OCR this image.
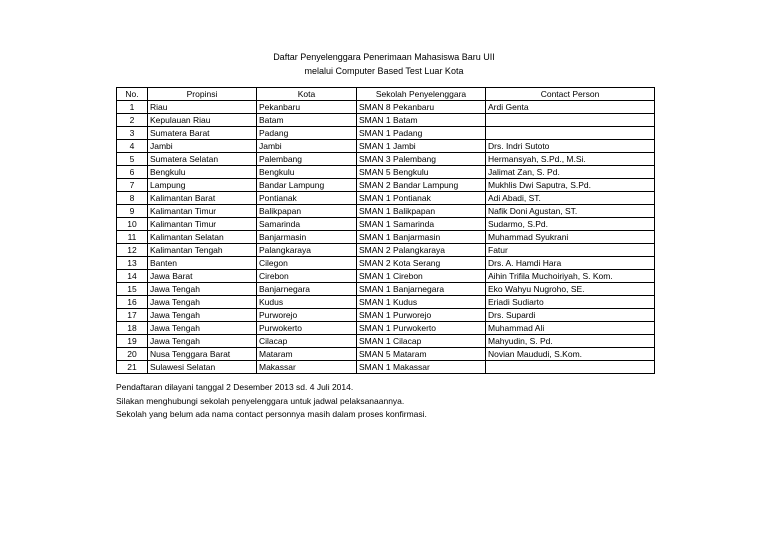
Daftar Penyelenggara Penerimaan Mahasiswa Baru UII
melalui Computer Based Test Luar Kota
No.	Propinsi	Kota	Sekolah Penyelenggara	Contact Person
1	Riau	Pekanbaru	SMAN 8 Pekanbaru	Ardi Genta
2	Kepulauan Riau	Batam	SMAN 1 Batam	
3	Sumatera Barat	Padang	SMAN 1 Padang	
4	Jambi	Jambi	SMAN 1 Jambi	Drs. Indri Sutoto
5	Sumatera Selatan	Palembang	SMAN 3 Palembang	Hermansyah, S.Pd., M.Si.
6	Bengkulu	Bengkulu	SMAN 5 Bengkulu	Jalimat Zan, S. Pd.
7	Lampung	Bandar Lampung	SMAN 2 Bandar Lampung	Mukhlis Dwi Saputra, S.Pd.
8	Kalimantan Barat	Pontianak	SMAN 1 Pontianak	Adi Abadi, ST.
9	Kalimantan Timur	Balikpapan	SMAN 1 Balikpapan	Nafik Doni Agustan, ST.
10	Kalimantan Timur	Samarinda	SMAN 1 Samarinda	Sudarmo, S.Pd.
11	Kalimantan Selatan	Banjarmasin	SMAN 1 Banjarmasin	Muhammad Syukrani
12	Kalimantan Tengah	Palangkaraya	SMAN 2 Palangkaraya	Fatur
13	Banten	Cilegon	SMAN 2 Kota Serang	Drs. A. Hamdi Hara
14	Jawa Barat	Cirebon	SMAN 1 Cirebon	Aihin Trifila Muchoiriyah, S. Kom.
15	Jawa Tengah	Banjarnegara	SMAN 1 Banjarnegara	Eko Wahyu Nugroho, SE.
16	Jawa Tengah	Kudus	SMAN 1 Kudus	Eriadi Sudiarto
17	Jawa Tengah	Purworejo	SMAN 1 Purworejo	Drs. Supardi
18	Jawa Tengah	Purwokerto	SMAN 1 Purwokerto	Muhammad Ali
19	Jawa Tengah	Cilacap	SMAN 1 Cilacap	Mahyudin, S. Pd.
20	Nusa Tenggara Barat	Mataram	SMAN 5 Mataram	Novian Maududi, S.Kom.
21	Sulawesi Selatan	Makassar	SMAN 1 Makassar	
Pendaftaran dilayani tanggal 2 Desember 2013 sd. 4 Juli 2014.
Silakan menghubungi sekolah penyelenggara untuk jadwal pelaksanaannya.
Sekolah yang belum ada nama contact personnya masih dalam proses konfirmasi.
